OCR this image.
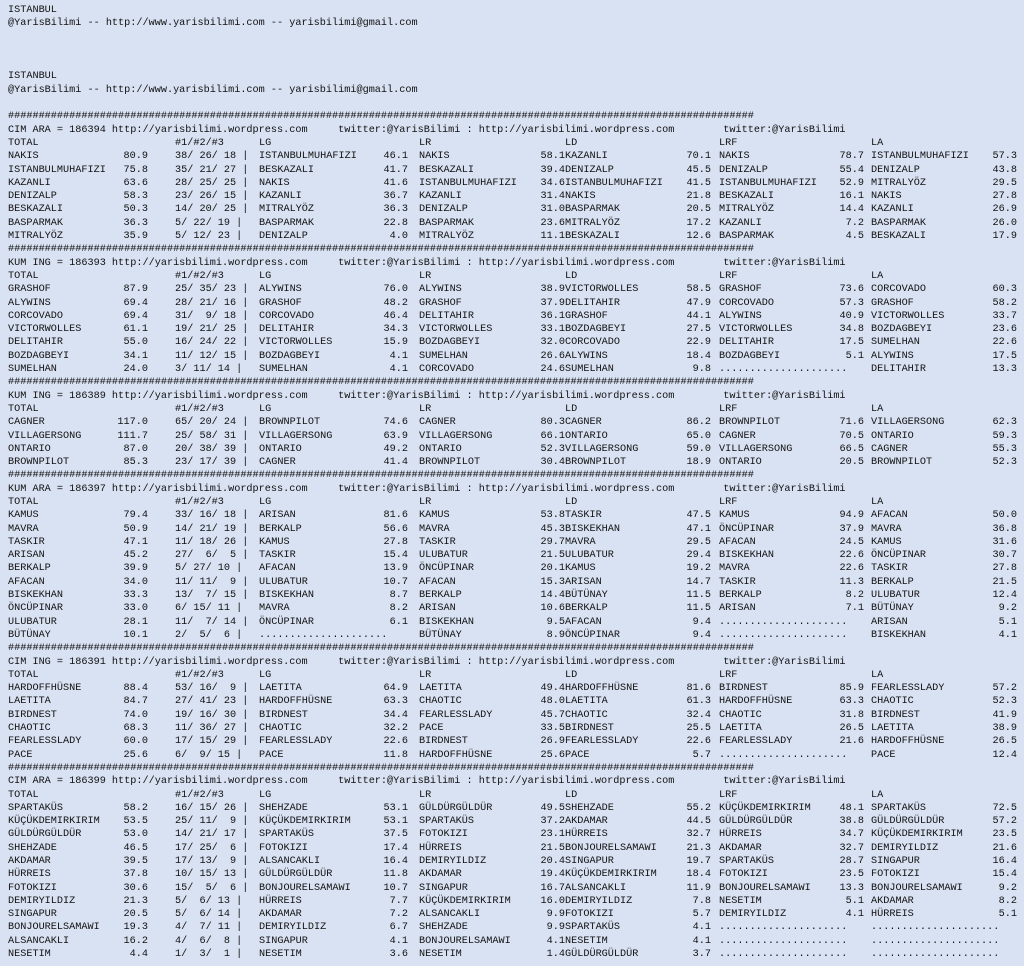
ISTANBUL
@YarisBilimi -- http://www.yarisbilimi.com -- yarisbilimi@gmail.com
ISTANBUL
@YarisBilimi -- http://www.yarisbilimi.com -- yarisbilimi@gmail.com
##########################################################################################################################
CIM ARA = 186394 http://yarisbilimi.wordpress.com     twitter:@YarisBilimi : http://yarisbilimi.wordpress.com        twitter:@YarisBilimi
TOTAL	#1/#2/#3	LG	LR	LD	LRF	LA
NAKIS	80.9	38/ 26/ 18 | ISTANBULMUHAFIZI	46.1 NAKIS	58.1 KAZANLI	70.1 NAKIS	78.7 ISTANBULMUHAFIZI 57.3
ISTANBULMUHAFIZI 75.8	35/ 21/ 27 | BESKAZALI	41.7 BESKAZALI	39.4 DENIZALP	45.5 DENIZALP	55.4 DENIZALP	43.8
KAZANLI	63.6	28/ 25/ 25 | NAKIS	41.6 ISTANBULMUHAFIZI 34.6 ISTANBULMUHAFIZI 41.5 ISTANBULMUHAFIZI 52.9 MITRALYÖZ	29.5
DENIZALP	58.3	23/ 26/ 15 | KAZANLI	36.7 KAZANLI	31.4 NAKIS	21.8 BESKAZALI	16.1 NAKIS	27.8
BESKAZALI	50.3	14/ 20/ 25 | MITRALYÖZ	36.3 DENIZALP	31.0 BASPARMAK	20.5 MITRALYÖZ	14.4 KAZANLI	26.9
BASPARMAK	36.3	5/ 22/ 19 | BASPARMAK	22.8 BASPARMAK	23.6 MITRALYÖZ	17.2 KAZANLI	7.2 BASPARMAK	26.0
MITRALYÖZ	35.9	5/ 12/ 23 | DENIZALP	4.0 MITRALYÖZ	11.1 BESKAZALI	12.6 BASPARMAK	4.5 BESKAZALI	17.9
##########################################################################################################################
KUM ING = 186393 http://yarisbilimi.wordpress.com     twitter:@YarisBilimi : http://yarisbilimi.wordpress.com        twitter:@YarisBilimi
TOTAL	#1/#2/#3	LG	LR	LD	LRF	LA
GRASHOF	87.9	25/ 35/ 23 | ALYWINS	76.0 ALYWINS	38.9 VICTORWOLLES	58.5 GRASHOF	73.6 CORCOVADO	60.3
ALYWINS	69.4	28/ 21/ 16 | GRASHOF	48.2 GRASHOF	37.9 DELITAHIR	47.9 CORCOVADO	57.3 GRASHOF	58.2
CORCOVADO	69.4	31/  9/ 18 | CORCOVADO	46.4 DELITAHIR	36.1 GRASHOF	44.1 ALYWINS	40.9 VICTORWOLLES	33.7
VICTORWOLLES	61.1	19/ 21/ 25 | DELITAHIR	34.3 VICTORWOLLES	33.1 BOZDAGBEYI	27.5 VICTORWOLLES	34.8 BOZDAGBEYI	23.6
DELITAHIR	55.0	16/ 24/ 22 | VICTORWOLLES	15.9 BOZDAGBEYI	32.0 CORCOVADO	22.9 DELITAHIR	17.5 SUMELHAN	22.6
BOZDAGBEYI	34.1	11/ 12/ 15 | BOZDAGBEYI	4.1 SUMELHAN	26.6 ALYWINS	18.4 BOZDAGBEYI	5.1 ALYWINS	17.5
SUMELHAN	24.0	3/ 11/ 14 | SUMELHAN	4.1 CORCOVADO	24.6 SUMELHAN	9.8 ..................... DELITAHIR	13.3
##########################################################################################################################
KUM ING = 186389 http://yarisbilimi.wordpress.com     twitter:@YarisBilimi : http://yarisbilimi.wordpress.com        twitter:@YarisBilimi
TOTAL	#1/#2/#3	LG	LR	LD	LRF	LA
CAGNER	117.0	65/ 20/ 24 | BROWNPILOT	74.6 CAGNER	80.3 CAGNER	86.2 BROWNPILOT	71.6 VILLAGERSONG	62.3
VILLAGERSONG	111.7	25/ 58/ 31 | VILLAGERSONG	63.9 VILLAGERSONG	66.1 ONTARIO	65.0 CAGNER	70.5 ONTARIO	59.3
ONTARIO	87.0	20/ 38/ 39 | ONTARIO	49.2 ONTARIO	52.3 VILLAGERSONG	59.0 VILLAGERSONG	66.5 CAGNER	55.3
BROWNPILOT	85.3	23/ 17/ 39 | CAGNER	41.4 BROWNPILOT	30.4 BROWNPILOT	18.9 ONTARIO	20.5 BROWNPILOT	52.3
##########################################################################################################################
KUM ARA = 186397 http://yarisbilimi.wordpress.com     twitter:@YarisBilimi : http://yarisbilimi.wordpress.com        twitter:@YarisBilimi
TOTAL	#1/#2/#3	LG	LR	LD	LRF	LA
KAMUS	79.4	33/ 16/ 18 | ARISAN	81.6 KAMUS	53.8 TASKIR	47.5 KAMUS	94.9 AFACAN	50.0
MAVRA	50.9	14/ 21/ 19 | BERKALP	56.6 MAVRA	45.3 BISKEKHAN	47.1 ÖNCÜPINAR	37.9 MAVRA	36.8
TASKIR	47.1	11/ 18/ 26 | KAMUS	27.8 TASKIR	29.7 MAVRA	29.5 AFACAN	24.5 KAMUS	31.6
ARISAN	45.2	27/  6/  5 | TASKIR	15.4 ULUBATUR	21.5 ULUBATUR	29.4 BISKEKHAN	22.6 ÖNCÜPINAR	30.7
BERKALP	39.9	5/ 27/ 10 | AFACAN	13.9 ÖNCÜPINAR	20.1 KAMUS	19.2 MAVRA	22.6 TASKIR	27.8
AFACAN	34.0	11/ 11/  9 | ULUBATUR	10.7 AFACAN	15.3 ARISAN	14.7 TASKIR	11.3 BERKALP	21.5
BISKEKHAN	33.3	13/  7/ 15 | BISKEKHAN	8.7 BERKALP	14.4 BÜTÜNAY	11.5 BERKALP	8.2 ULUBATUR	12.4
ÖNCÜPINAR	33.0	6/ 15/ 11 | MAVRA	8.2 ARISAN	10.6 BERKALP	11.5 ARISAN	7.1 BÜTÜNAY	9.2
ULUBATUR	28.1	11/  7/ 14 | ÖNCÜPINAR	6.1 BISKEKHAN	9.5 AFACAN	9.4 ..................... ARISAN	5.1
BÜTÜNAY	10.1	2/  5/  6 | .....................	BÜTÜNAY	8.9 ÖNCÜPINAR	9.4 ..................... BISKEKHAN	4.1
##########################################################################################################################
CIM ING = 186391 http://yarisbilimi.wordpress.com     twitter:@YarisBilimi : http://yarisbilimi.wordpress.com        twitter:@YarisBilimi
TOTAL	#1/#2/#3	LG	LR	LD	LRF	LA
HARDOFFHÜSNE	88.4	53/ 16/  9 | LAETITA	64.9 LAETITA	49.4 HARDOFFHÜSNE	81.6 BIRDNEST	85.9 FEARLESSLADY	57.2
LAETITA	84.7	27/ 41/ 23 | HARDOFFHÜSNE	63.3 CHAOTIC	48.0 LAETITA	61.3 HARDOFFHÜSNE	63.3 CHAOTIC	52.3
BIRDNEST	74.0	19/ 16/ 30 | BIRDNEST	34.4 FEARLESSLADY	45.7 CHAOTIC	32.4 CHAOTIC	31.8 BIRDNEST	41.9
CHAOTIC	68.3	11/ 36/ 27 | CHAOTIC	32.2 PACE	33.5 BIRDNEST	25.5 LAETITA	26.5 LAETITA	38.9
FEARLESSLADY	60.0	17/ 15/ 29 | FEARLESSLADY	22.6 BIRDNEST	26.9 FEARLESSLADY	22.6 FEARLESSLADY	21.6 HARDOFFHÜSNE	26.5
PACE	25.6	6/  9/ 15 | PACE	11.8 HARDOFFHÜSNE	25.6 PACE	5.7 ..................... PACE	12.4
##########################################################################################################################
CIM ARA = 186399 http://yarisbilimi.wordpress.com     twitter:@YarisBilimi : http://yarisbilimi.wordpress.com        twitter:@YarisBilimi
TOTAL	#1/#2/#3	LG	LR	LD	LRF	LA
SPARTAKÜS	58.2	16/ 15/ 26 | SHEHZADE	53.1 GÜLDÜRGÜLDÜR	49.5 SHEHZADE	55.2 KÜÇÜKDEMIRKIRIM	48.1 SPARTAKÜS	72.5
KÜÇÜKDEMIRKIRIM 53.5	25/ 11/  9 | KÜÇÜKDEMIRKIRIM	53.1 SPARTAKÜS	37.2 AKDAMAR	44.5 GÜLDÜRGÜLDÜR	38.8 GÜLDÜRGÜLDÜR	57.2
GÜLDÜRGÜLDÜR	53.0	14/ 21/ 17 | SPARTAKÜS	37.5 FOTOKIZI	23.1 HÜRREIS	32.7 HÜRREIS	34.7 KÜÇÜKDEMIRKIRIM	23.5
SHEHZADE	46.5	17/ 25/  6 | FOTOKIZI	17.4 HÜRREIS	21.5 BONJOURELSAMAWI	21.3 AKDAMAR	32.7 DEMIRYILDIZ	21.6
AKDAMAR	39.5	17/ 13/  9 | ALSANCAKLI	16.4 DEMIRYILDIZ	20.4 SINGAPUR	19.7 SPARTAKÜS	28.7 SINGAPUR	16.4
HÜRREIS	37.8	10/ 15/ 13 | GÜLDÜRGÜLDÜR	11.8 AKDAMAR	19.4 KÜÇÜKDEMIRKIRIM	18.4 FOTOKIZI	23.5 FOTOKIZI	15.4
FOTOKIZI	30.6	15/  5/  6 | BONJOURELSAMAWI	10.7 SINGAPUR	16.7 ALSANCAKLI	11.9 BONJOURELSAMAWI	13.3 BONJOURELSAMAWI	9.2
DEMIRYILDIZ	21.3	5/  6/ 13 | HÜRREIS	7.7 KÜÇÜKDEMIRKIRIM	16.0 DEMIRYILDIZ	7.8 NESETIM	5.1 AKDAMAR	8.2
SINGAPUR	20.5	5/  6/ 14 | AKDAMAR	7.2 ALSANCAKLI	9.9 FOTOKIZI	5.7 DEMIRYILDIZ	4.1 HÜRREIS	5.1
BONJOURELSAMAWI 19.3	4/  7/ 11 | DEMIRYILDIZ	6.7 SHEHZADE	9.9 SPARTAKÜS	4.1 ..................... .....................
ALSANCAKLI	16.2	4/  6/  8 | SINGAPUR	4.1 BONJOURELSAMAWI	4.1 NESETIM	4.1 ..................... .....................
NESETIM	4.4	1/  3/  1 | NESETIM	3.6 NESETIM	1.4 GÜLDÜRGÜLDÜR	3.7 ..................... .....................
